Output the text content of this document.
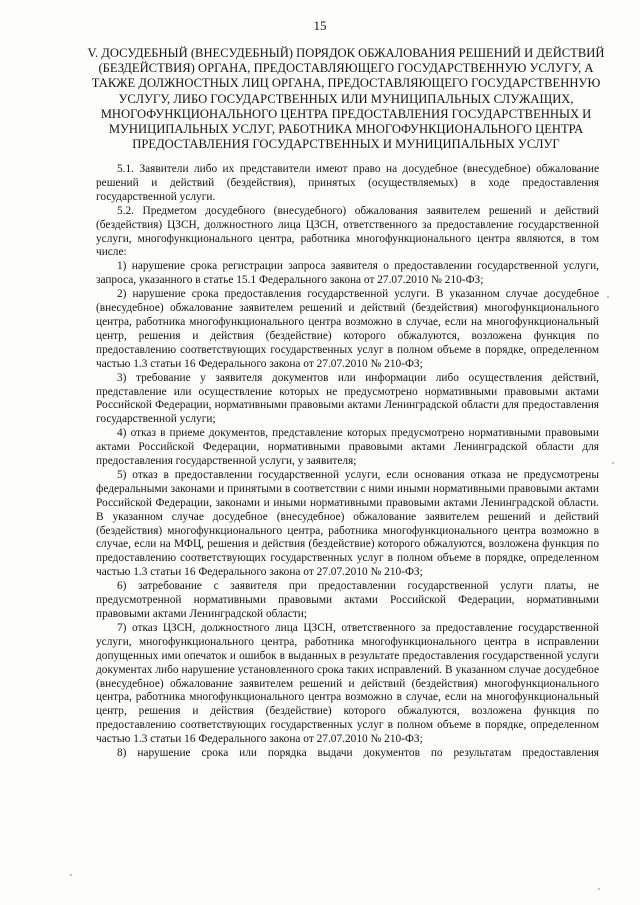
15
V. ДОСУДЕБНЫЙ (ВНЕСУДЕБНЫЙ) ПОРЯДОК ОБЖАЛОВАНИЯ РЕШЕНИЙ И ДЕЙСТВИЙ (БЕЗДЕЙСТВИЯ) ОРГАНА, ПРЕДОСТАВЛЯЮЩЕГО ГОСУДАРСТВЕННУЮ УСЛУГУ, А ТАКЖЕ ДОЛЖНОСТНЫХ ЛИЦ ОРГАНА, ПРЕДОСТАВЛЯЮЩЕГО ГОСУДАРСТВЕННУЮ УСЛУГУ, ЛИБО ГОСУДАРСТВЕННЫХ ИЛИ МУНИЦИПАЛЬНЫХ СЛУЖАЩИХ, МНОГОФУНКЦИОНАЛЬНОГО ЦЕНТРА ПРЕДОСТАВЛЕНИЯ ГОСУДАРСТВЕННЫХ И МУНИЦИПАЛЬНЫХ УСЛУГ, РАБОТНИКА МНОГОФУНКЦИОНАЛЬНОГО ЦЕНТРА ПРЕДОСТАВЛЕНИЯ ГОСУДАРСТВЕННЫХ И МУНИЦИПАЛЬНЫХ УСЛУГ

5.1. Заявители либо их представители имеют право на досудебное (внесудебное) обжалование решений и действий (бездействия), принятых (осуществляемых) в ходе предоставления государственной услуги.

5.2. Предметом досудебного (внесудебного) обжалования заявителем решений и действий (бездействия) ЦЗСН, должностного лица ЦЗСН, ответственного за предоставление государственной услуги, многофункционального центра, работника многофункционального центра являются, в том числе:

1) нарушение срока регистрации запроса заявителя о предоставлении государственной услуги, запроса, указанного в статье 15.1 Федерального закона от 27.07.2010 № 210-ФЗ;

2) нарушение срока предоставления государственной услуги. В указанном случае досудебное (внесудебное) обжалование заявителем решений и действий (бездействия) многофункционального центра, работника многофункционального центра возможно в случае, если на многофункциональный центр, решения и действия (бездействие) которого обжалуются, возложена функция по предоставлению соответствующих государственных услуг в полном объеме в порядке, определенном частью 1.3 статьи 16 Федерального закона от 27.07.2010 № 210-ФЗ;

3) требование у заявителя документов или информации либо осуществления действий, представление или осуществление которых не предусмотрено нормативными правовыми актами Российской Федерации, нормативными правовыми актами Ленинградской области для предоставления государственной услуги;

4) отказ в приеме документов, представление которых предусмотрено нормативными правовыми актами Российской Федерации, нормативными правовыми актами Ленинградской области для предоставления государственной услуги, у заявителя;

5) отказ в предоставлении государственной услуги, если основания отказа не предусмотрены федеральными законами и принятыми в соответствии с ними иными нормативными правовыми актами Российской Федерации, законами и иными нормативными правовыми актами Ленинградской области. В указанном случае досудебное (внесудебное) обжалование заявителем решений и действий (бездействия) многофункционального центра, работника многофункционального центра возможно в случае, если на МФЦ, решения и действия (бездействие) которого обжалуются, возложена функция по предоставлению соответствующих государственных услуг в полном объеме в порядке, определенном частью 1.3 статьи 16 Федерального закона от 27.07.2010 № 210-ФЗ;

6) затребование с заявителя при предоставлении государственной услуги платы, не предусмотренной нормативными правовыми актами Российской Федерации, нормативными правовыми актами Ленинградской области;

7) отказ ЦЗСН, должностного лица ЦЗСН, ответственного за предоставление государственной услуги, многофункционального центра, работника многофункционального центра в исправлении допущенных ими опечаток и ошибок в выданных в результате предоставления государственной услуги документах либо нарушение установленного срока таких исправлений. В указанном случае досудебное (внесудебное) обжалование заявителем решений и действий (бездействия) многофункционального центра, работника многофункционального центра возможно в случае, если на многофункциональный центр, решения и действия (бездействие) которого обжалуются, возложена функция по предоставлению соответствующих государственных услуг в полном объеме в порядке, определенном частью 1.3 статьи 16 Федерального закона от 27.07.2010 № 210-ФЗ;

8) нарушение срока или порядка выдачи документов по результатам предоставления
